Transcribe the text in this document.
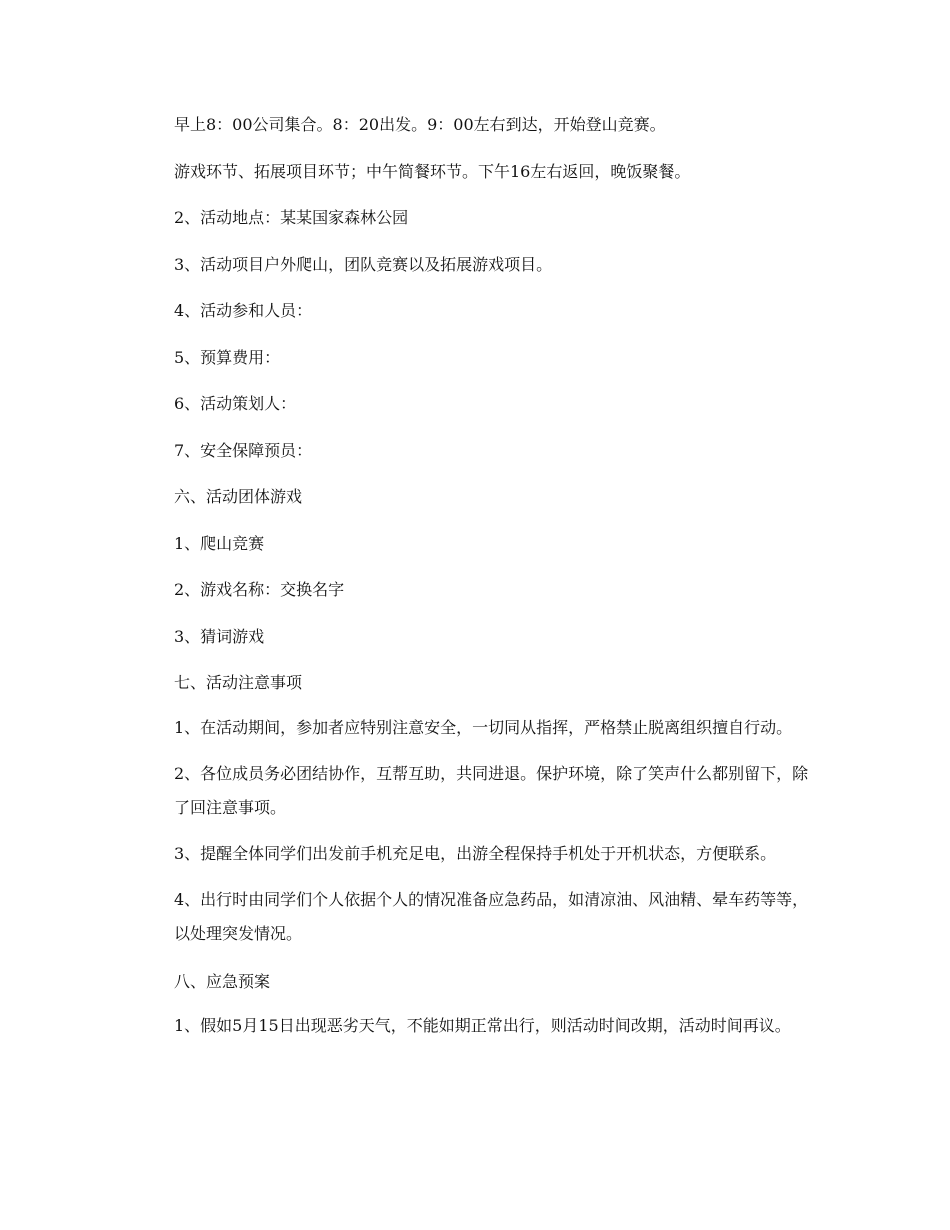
早上8：00公司集合。8：20出发。9：00左右到达，开始登山竞赛。

游戏环节、拓展项目环节；中午简餐环节。下午16左右返回，晚饭聚餐。

2、活动地点：某某国家森林公园

3、活动项目户外爬山，团队竞赛以及拓展游戏项目。

4、活动参和人员：

5、预算费用：

6、活动策划人：

7、安全保障预员：

六、活动团体游戏

1、爬山竞赛

2、游戏名称：交换名字

3、猜词游戏

七、活动注意事项

1、在活动期间，参加者应特别注意安全，一切同从指挥，严格禁止脱离组织擅自行动。

2、各位成员务必团结协作，互帮互助，共同进退。保护环境，除了笑声什么都别留下，除了回注意事项。

3、提醒全体同学们出发前手机充足电，出游全程保持手机处于开机状态，方便联系。

4、出行时由同学们个人依据个人的情况准备应急药品，如清凉油、风油精、晕车药等等，以处理突发情况。

八、应急预案

1、假如5月15日出现恶劣天气，不能如期正常出行，则活动时间改期，活动时间再议。
